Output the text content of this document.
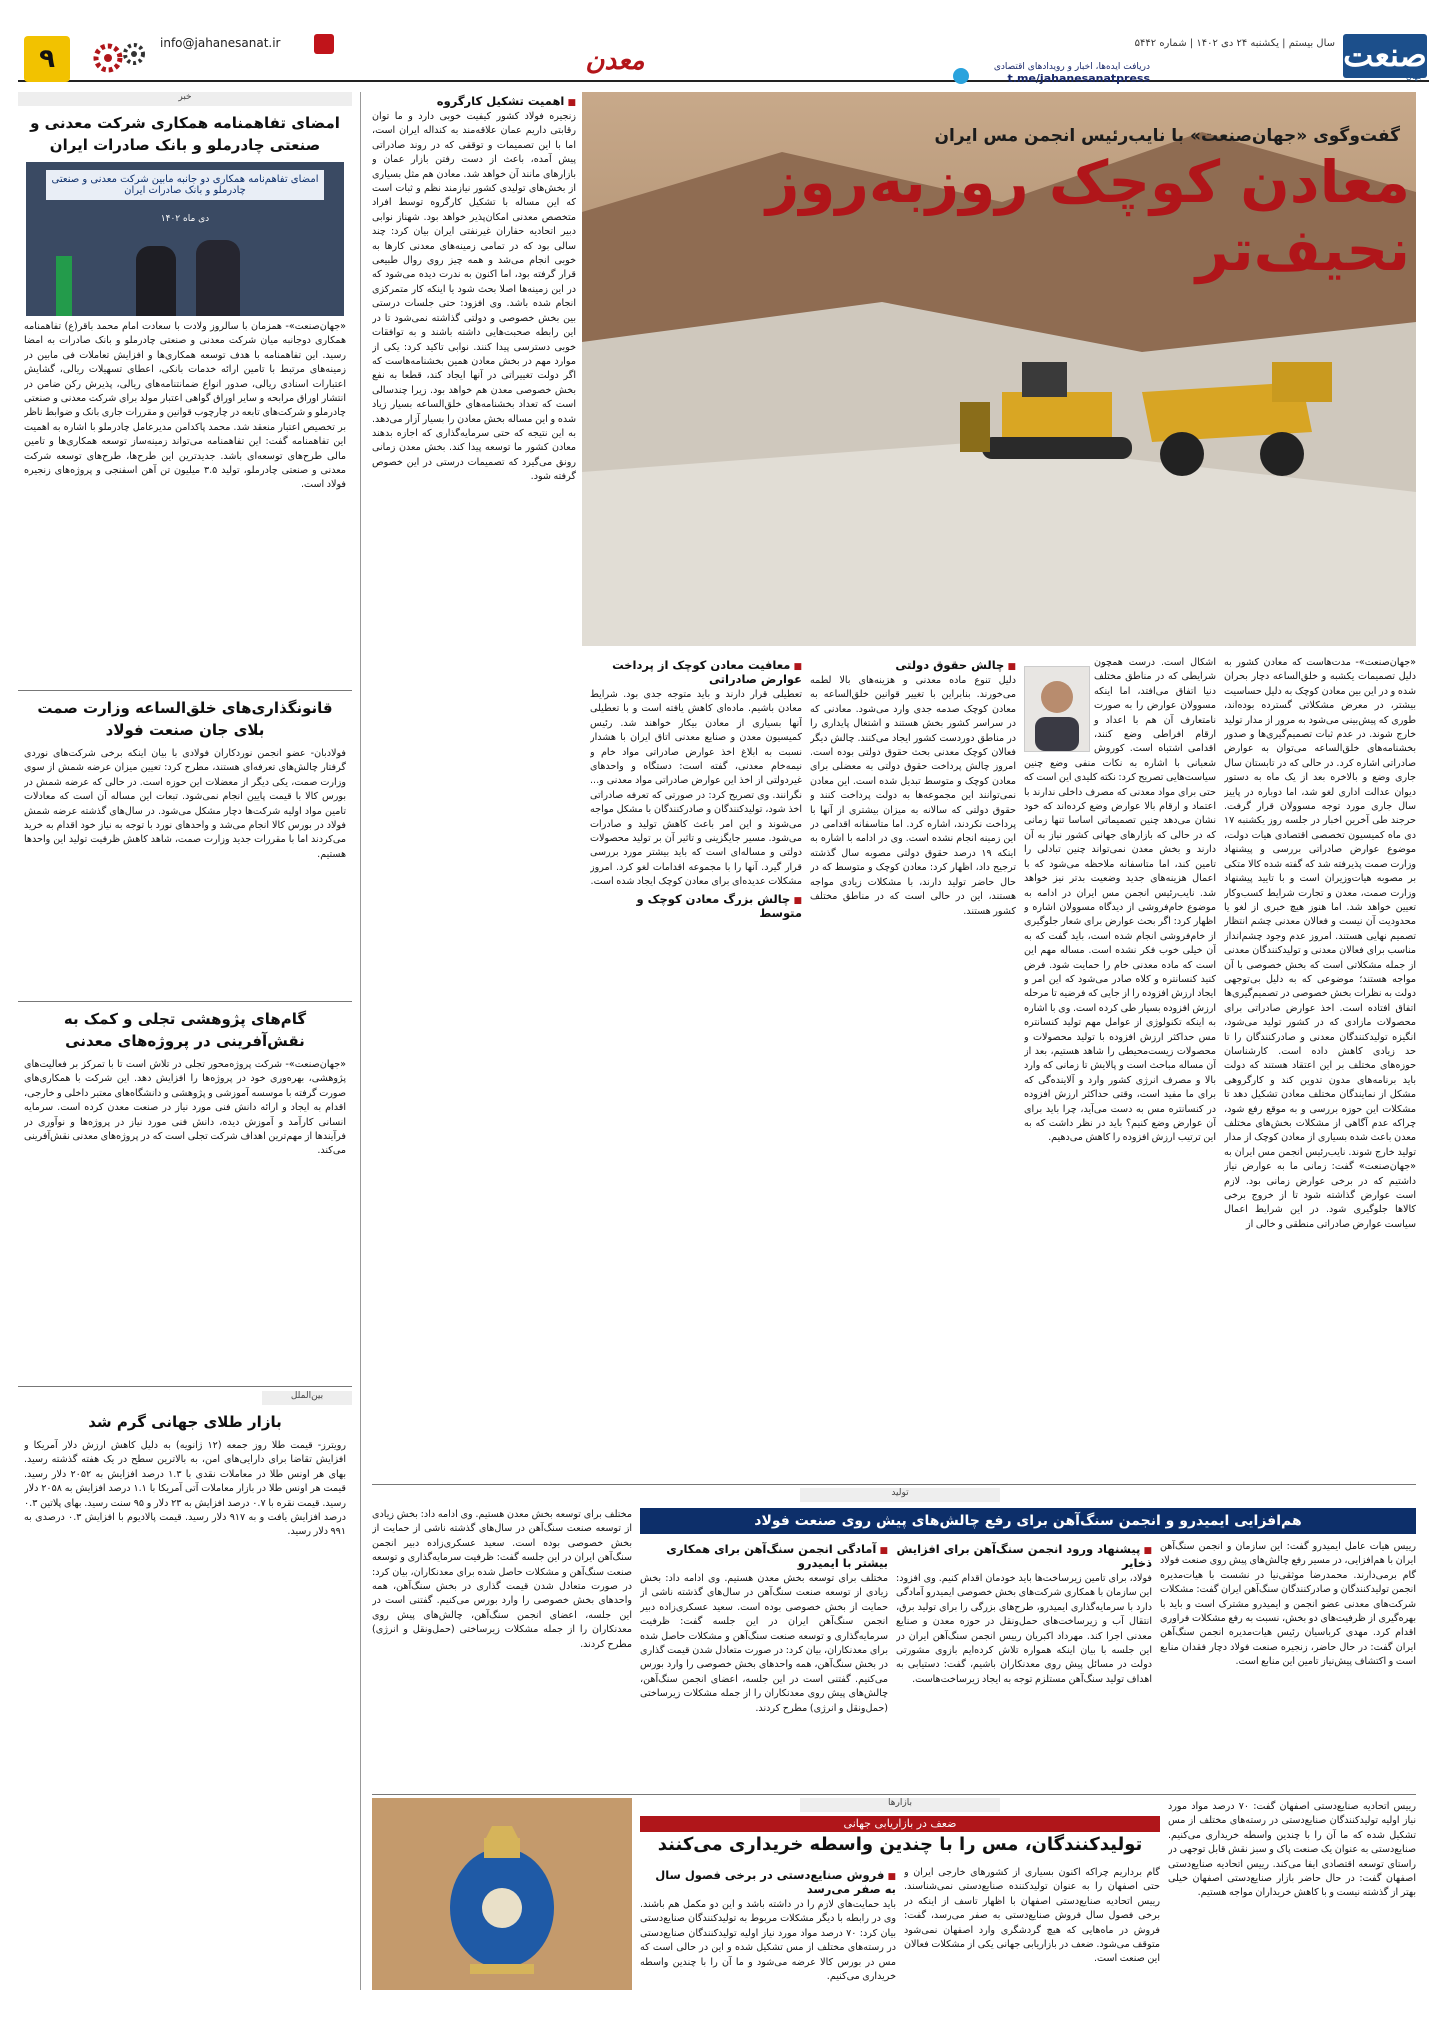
صنعت
جهان
سال بیستم | یکشنبه ۲۴ دی ۱۴۰۲ | شماره ۵۴۴۲
دریافت ایده‌ها، اخبار و رویدادهای اقتصادی
t.me/jahanesanatpress
معدن
info@jahanesanat.ir
۹
گفت‌وگوی «جهان‌صنعت» با نایب‌رئیس انجمن مس ایران
معادن کوچک روز‌به‌روز نحیف‌تر

«جهان‌صنعت»- مدت‌هاست که معادن کشور به دلیل تصمیمات یکشبه و خلق‌الساعه دچار بحران شده و در این بین معادن کوچک به دلیل حساسیت بیشتر، در معرض مشکلاتی گسترده بوده‌اند، طوری که پیش‌بینی می‌شود به مرور از مدار تولید خارج شوند. در عدم ثبات تصمیم‌گیری‌ها و صدور بخشنامه‌های خلق‌الساعه می‌توان به عوارض صادراتی اشاره کرد. در حالی که در تابستان سال جاری وضع و بالاخره بعد از یک ماه به دستور دیوان عدالت اداری لغو شد، اما دوباره در پاییز سال جاری مورد توجه مسوولان قرار گرفت. حرجند طی آخرین اخبار در جلسه روز یکشنبه ۱۷ دی ماه کمیسیون تخصصی اقتصادی هیات دولت، موضوع عوارض صادراتی بررسی و پیشنهاد وزارت صمت پذیرفته شد که گفته شده کالا متکی بر مصوبه هیات‌وزیران است و با تایید پیشنهاد وزارت صمت، معدن و تجارت شرایط کسب‌وکار تعیین خواهد شد. اما هنوز هیچ خبری از لغو یا محدودیت آن نیست و فعالان معدنی چشم انتظار تصمیم نهایی هستند. امروز عدم وجود چشم‌انداز مناسب برای فعالان معدنی و تولیدکنندگان معدنی از جمله مشکلاتی است که بخش خصوصی با آن مواجه هستند؛ موضوعی که به دلیل بی‌توجهی دولت به نظرات بخش خصوصی در تصمیم‌گیری‌ها اتفاق افتاده است. اخذ عوارض صادراتی برای محصولات مازادی که در کشور تولید می‌شود، انگیزه تولیدکنندگان معدنی و صادرکنندگان را تا حد زیادی کاهش داده است. کارشناسان حوزه‌های مختلف بر این اعتقاد هستند که دولت باید برنامه‌های مدون تدوین کند و کارگروهی مشکل از نمایندگان مختلف معادن تشکیل دهد تا مشکلات این حوزه بررسی و به موقع رفع شود، چراکه عدم آگاهی از مشکلات بخش‌های مختلف معدن باعث شده بسیاری از معادن کوچک از مدار تولید خارج شوند. نایب‌رئیس انجمن مس ایران به «جهان‌صنعت» گفت: زمانی ما به عوارض نیاز داشتیم که در برخی عوارض زمانی بود. لازم است عوارض گذاشته شود تا از خروج برخی کالاها جلوگیری شود. در این شرایط اعمال سیاست عوارض صادراتی منطقی و خالی از

اشکال است. درست همچون شرایطی که در مناطق مختلف دنیا اتفاق می‌افتد، اما اینکه مسوولان عوارض را به صورت نامتعارف آن هم با اعداد و ارقام افراطی وضع کنند، اقدامی اشتباه است. کوروش شعبانی با اشاره به نکات منفی وضع چنین سیاست‌هایی تصریح کرد: نکته کلیدی این است که حتی برای مواد معدنی که مصرف داخلی ندارند با اعتماد و ارقام بالا عوارض وضع کرده‌اند که خود نشان می‌دهد چنین تصمیماتی اساسا تنها زمانی که در حالی که بازارهای جهانی کشور نیاز به آن دارند و بخش معدن نمی‌تواند چنین تبادلی را تامین کند، اما متاسفانه ملاحظه می‌شود که با اعمال هزینه‌های جدید وضعیت بدتر نیز خواهد شد. نایب‌رئیس انجمن مس ایران در ادامه به موضوع خام‌فروشی از دیدگاه مسوولان اشاره و اظهار کرد: اگر بحث عوارض برای شعار جلوگیری از خام‌فروشی انجام شده است، باید گفت که به آن خیلی خوب فکر نشده است. مساله مهم این است که ماده معدنی خام را حمایت شود. فرض کنید کنسانتره و کلاه صادر می‌شود که این امر و ایجاد ارزش افزوده را از جایی که فرضیه تا مرحله ارزش افزوده بسیار طی کرده است. وی با اشاره به اینکه تکنولوژی از عوامل مهم تولید کنسانتره مس حداکثر ارزش افزوده با تولید محصولات و محصولات زیست‌محیطی را شاهد هستیم، بعد از آن مساله مباحث است و پالایش تا زمانی که وارد بالا و مصرف انرژی کشور وارد و آلاینده‌گی که برای ما مفید است، وقتی حداکثر ارزش افزوده در کنسانتره مس به دست می‌آید، چرا باید برای آن عوارض وضع کنیم؟ باید در نظر داشت که به این ترتیب ارزش افزوده را کاهش می‌دهیم.

■ چالش حقوق دولتی

دلیل تنوع ماده معدنی و هزینه‌های بالا لطمه می‌خورند. بنابراین با تغییر قوانین خلق‌الساعه به معادن کوچک صدمه جدی وارد می‌شود. معادنی که در سراسر کشور بخش هستند و اشتغال پایداری را در مناطق دوردست کشور ایجاد می‌کنند. چالش دیگر فعالان کوچک معدنی بحث حقوق دولتی بوده است. امروز چالش پرداخت حقوق دولتی به معضلی برای معادن کوچک و متوسط تبدیل شده است. این معادن نمی‌توانند این مجموعه‌ها به دولت پرداخت کنند و حقوق دولتی که سالانه به میزان بیشتری از آنها با پرداخت نکردند، اشاره کرد. اما متاسفانه اقدامی در این زمینه انجام نشده است. وی در ادامه با اشاره به اینکه ۱۹ درصد حقوق دولتی مصوبه سال گذشته ترجیح داد، اظهار کرد: معادن کوچک و متوسط که در حال حاضر تولید دارند، با مشکلات زیادی مواجه هستند، این در حالی است که در مناطق مختلف کشور هستند.

■ معافیت معادن کوچک از پرداخت عوارض صادراتی

تعطیلی قرار دارند و باید متوجه جدی بود. شرایط معادن باشیم. ماده‌ای کاهش یافته است و با تعطیلی آنها بسیاری از معادن بیکار خواهند شد. رئیس کمیسیون معدن و صنایع معدنی اتاق ایران با هشدار نسبت به ابلاغ اخذ عوارض صادراتی مواد خام و نیمه‌خام معدنی، گفته است: دستگاه و واحدهای غیردولتی از اخذ این عوارض صادراتی مواد معدنی و... نگرانند. وی تصریح کرد: در صورتی که تعرفه صادراتی اخذ شود، تولیدکنندگان و صادرکنندگان با مشکل مواجه می‌شوند و این امر باعث کاهش تولید و صادرات می‌شود. مسیر جایگزینی و تاثیر آن بر تولید محصولات دولتی و مساله‌ای است که باید بیشتر مورد بررسی قرار گیرد. آنها را با مجموعه اقدامات لغو کرد. امروز مشکلات عدیده‌ای برای معادن کوچک ایجاد شده است.

■ چالش بزرگ معادن کوچک و متوسط
■ اهمیت تشکیل کارگروه

زنجیره فولاد کشور کیفیت خوبی دارد و ما توان رقابتی داریم عمان علاقه‌مند به کنداله ایران است، اما با این تصمیمات و توقفی که در روند صادراتی پیش آمده، باعث از دست رفتن بازار عمان و بازارهای مانند آن خواهد شد. معادن هم مثل بسیاری از بخش‌های تولیدی کشور نیازمند نظم و ثبات است که این مساله با تشکیل کارگروه توسط افراد متخصص معدنی امکان‌پذیر خواهد بود. شهناز نوابی دبیر اتحادیه حفاران غیرنفتی ایران بیان کرد: چند سالی بود که در تمامی زمینه‌های معدنی کارها به خوبی انجام می‌شد و همه چیز روی روال طبیعی قرار گرفته بود، اما اکنون به ندرت دیده می‌شود که در این زمینه‌ها اصلا بحث شود یا اینکه کار متمرکزی انجام شده باشد. وی افزود: حتی جلسات درستی بین بخش خصوصی و دولتی گذاشته نمی‌شود تا در این رابطه صحبت‌هایی داشته باشند و به توافقات خوبی دسترسی پیدا کنند. نوابی تاکید کرد: یکی از موارد مهم در بخش معادن همین بخشنامه‌هاست که اگر دولت تغییراتی در آنها ایجاد کند، قطعا به نفع بخش خصوصی معدن هم خواهد بود. زیرا چندسالی است که تعداد بخشنامه‌های خلق‌الساعه بسیار زیاد شده و این مساله بخش معادن را بسیار آزار می‌دهد. به این نتیجه که حتی سرمایه‌گذاری که اجازه بدهند معادن کشور ما توسعه پیدا کند. بخش معدن زمانی رونق می‌گیرد که تصمیمات درستی در این خصوص گرفته شود.

تولید
هم‌افزایی ایمیدرو و انجمن سنگ‌آهن برای رفع چالش‌های پیش روی صنعت فولاد

رییس هیات عامل ایمیدرو گفت: این سازمان و انجمن سنگ‌آهن ایران با هم‌افزایی، در مسیر رفع چالش‌های پیش روی صنعت فولاد گام برمی‌دارند. محمدرضا موثقی‌نیا در نشست با هیات‌مدیره انجمن تولیدکنندگان و صادرکنندگان سنگ‌آهن ایران گفت: مشکلات شرکت‌های معدنی عضو انجمن و ایمیدرو مشترک است و باید با بهره‌گیری از ظرفیت‌های دو بخش، نسبت به رفع مشکلات فراوری اقدام کرد. مهدی کرباسیان رئیس هیات‌مدیره انجمن سنگ‌آهن ایران گفت: در حال حاضر، زنجیره صنعت فولاد دچار فقدان منابع است و اکتشاف پیش‌نیاز تامین این منابع است.

■ پیشنهاد ورود انجمن سنگ‌آهن برای افزایش ذخایر

فولاد، برای تامین زیرساخت‌ها باید خودمان اقدام کنیم. وی افزود: این سازمان با همکاری شرکت‌های بخش خصوصی ایمیدرو آمادگی دارد با سرمایه‌گذاری ایمیدرو، طرح‌های بزرگی را برای تولید برق، انتقال آب و زیرساخت‌های حمل‌ونقل در حوزه معدن و صنایع معدنی اجرا کند. مهرداد اکبریان رییس انجمن سنگ‌آهن ایران در این جلسه با بیان اینکه همواره تلاش کرده‌ایم بازوی مشورتی دولت در مسائل پیش روی معدنکاران باشیم، گفت: دستیابی به اهداف تولید سنگ‌آهن مستلزم توجه به ایجاد زیرساخت‌هاست.

■ آمادگی انجمن سنگ‌آهن برای همکاری بیشتر با ایمیدرو

مختلف برای توسعه بخش معدن هستیم. وی ادامه داد: بخش زیادی از توسعه صنعت سنگ‌آهن در سال‌های گذشته ناشی از حمایت از بخش خصوصی بوده است. سعید عسکری‌زاده دبیر انجمن سنگ‌آهن ایران در این جلسه گفت: ظرفیت سرمایه‌گذاری و توسعه صنعت سنگ‌آهن و مشکلات حاصل شده برای معدنکاران، بیان کرد: در صورت متعادل شدن قیمت گذاری در بخش سنگ‌آهن، همه واحدهای بخش خصوصی را وارد بورس می‌کنیم. گفتنی است در این جلسه، اعضای انجمن سنگ‌آهن، چالش‌های پیش روی معدنکاران را از جمله مشکلات زیرساختی (حمل‌ونقل و انرژی) مطرح کردند.

مختلف برای توسعه بخش معدن هستیم. وی ادامه داد: بخش زیادی از توسعه صنعت سنگ‌آهن در سال‌های گذشته ناشی از حمایت از بخش خصوصی بوده است. سعید عسکری‌زاده دبیر انجمن سنگ‌آهن ایران در این جلسه گفت: ظرفیت سرمایه‌گذاری و توسعه صنعت سنگ‌آهن و مشکلات حاصل شده برای معدنکاران، بیان کرد: در صورت متعادل شدن قیمت گذاری در بخش سنگ‌آهن، همه واحدهای بخش خصوصی را وارد بورس می‌کنیم. گفتنی است در این جلسه، اعضای انجمن سنگ‌آهن، چالش‌های پیش روی معدنکاران را از جمله مشکلات زیرساختی (حمل‌ونقل و انرژی) مطرح کردند.

بازارها
ضعف در بازاریابی جهانی
تولیدکنندگان، مس را با چندین واسطه خریداری می‌کنند

رییس اتحادیه صنایع‌دستی اصفهان گفت: ۷۰ درصد مواد مورد نیاز اولیه تولید‌کنندگان صنایع‌دستی در رسته‌های مختلف از مس تشکیل شده که ما آن را با چندین واسطه خریداری می‌کنیم. صنایع‌دستی به عنوان یک صنعت پاک و سبز نقش قابل توجهی در راستای توسعه اقتصادی ایفا می‌کند. رییس اتحادیه صنایع‌دستی اصفهان گفت: در حال حاضر بازار صنایع‌دستی اصفهان خیلی بهتر از گذشته نیست و با کاهش خریداران مواجه هستیم.

گام برداریم چراکه اکنون بسیاری از کشورهای خارجی ایران و حتی اصفهان را به عنوان تولیدکننده صنایع‌دستی نمی‌شناسند. رییس اتحادیه صنایع‌دستی اصفهان با اظهار تاسف از اینکه در برخی فصول سال فروش صنایع‌دستی به صفر می‌رسد، گفت: فروش در ماه‌هایی که هیچ گردشگری وارد اصفهان نمی‌شود متوقف می‌شود. ضعف در بازاریابی جهانی یکی از مشکلات فعالان این صنعت است.

■ فروش صنایع‌دستی در برخی فصول سال به صفر می‌رسد

باید حمایت‌های لازم را در داشته باشد و این دو مکمل هم باشند. وی در رابطه با دیگر مشکلات مربوط به تولیدکنندگان صنایع‌دستی بیان کرد: ۷۰ درصد مواد مورد نیاز اولیه تولیدکنندگان صنایع‌دستی در رسته‌های مختلف از مس تشکیل شده و این در حالی است که مس در بورس کالا عرضه می‌شود و ما آن را با چندین واسطه خریداری می‌کنیم.

خبر
امضای تفاهمنامه همکاری شرکت معدنی و صنعتی چادرملو و بانک صادرات ایران
امضای تفاهم‌نامه همکاری دو جانبه مابین شرکت معدنی و صنعتی چادرملو و بانک صادرات ایران
دی ماه ۱۴۰۲

«جهان‌صنعت»- همزمان با سالروز ولادت با سعادت امام محمد باقر(ع) تفاهمنامه همکاری دوجانبه میان شرکت معدنی و صنعتی چادرملو و بانک صادرات به امضا رسید. این تفاهمنامه با هدف توسعه همکاری‌ها و افزایش تعاملات فی مابین در زمینه‌های مرتبط با تامین ارائه خدمات بانکی، اعطای تسهیلات ریالی، گشایش اعتبارات اسنادی ریالی، صدور انواع ضمانتنامه‌های ریالی، پذیرش رکن ضامن در انتشار اوراق مرابحه و سایر اوراق گواهی اعتبار مولد برای شرکت معدنی و صنعتی چادرملو و شرکت‌های تابعه در چارچوب قوانین و مقررات جاری بانک و ضوابط ناظر بر تخصیص اعتبار منعقد شد. محمد پاکدامن مدیرعامل چادرملو با اشاره به اهمیت این تفاهمنامه گفت: این تفاهمنامه می‌تواند زمینه‌ساز توسعه همکاری‌ها و تامین مالی طرح‌های توسعه‌ای باشد. جدیدترین این طرح‌ها، طرح‌های توسعه شرکت معدنی و صنعتی چادرملو، تولید ۳.۵ میلیون تن آهن اسفنجی و پروژه‌های زنجیره فولاد است.

قانونگذاری‌های خلق‌الساعه وزارت صمت بلای جان صنعت فولاد

فولادبان- عضو انجمن نوردکاران فولادی با بیان اینکه برخی شرکت‌های نوردی گرفتار چالش‌های تعرفه‌ای هستند، مطرح کرد: تعیین میزان عرضه شمش از سوی وزارت صمت، یکی دیگر از معضلات این حوزه است. در حالی که عرضه شمش در بورس کالا با قیمت پایین انجام نمی‌شود. تبعات این مساله آن است که معادلات تامین مواد اولیه شرکت‌ها دچار مشکل می‌شود. در سال‌های گذشته عرضه شمش فولاد در بورس کالا انجام می‌شد و واحدهای نورد با توجه به نیاز خود اقدام به خرید می‌کردند اما با مقررات جدید وزارت صمت، شاهد کاهش ظرفیت تولید این واحدها هستیم.

گام‌های پژوهشی تجلی و کمک به نقش‌آفرینی در پروژه‌های معدنی

«جهان‌صنعت»- شرکت پروژه‌محور تجلی در تلاش است تا با تمرکز بر فعالیت‌های پژوهشی، بهره‌وری خود در پروژه‌ها را افزایش دهد. این شرکت با همکاری‌های صورت گرفته با موسسه آموزشی و پژوهشی و دانشگاه‌های معتبر داخلی و خارجی، اقدام به ایجاد و ارائه دانش فنی مورد نیاز در صنعت معدن کرده است. سرمایه انسانی کارآمد و آموزش دیده، دانش فنی مورد نیاز در پروژه‌ها و نوآوری در فرآیندها از مهم‌ترین اهداف شرکت تجلی است که در پروژه‌های معدنی نقش‌آفرینی می‌کند.

بین‌الملل
بازار طلای جهانی گرم شد

رویترز- قیمت طلا روز جمعه (۱۲ ژانویه) به دلیل کاهش ارزش دلار آمریکا و افزایش تقاضا برای دارایی‌های امن، به بالاترین سطح در یک هفته گذشته رسید. بهای هر اونس طلا در معاملات نقدی با ۱.۳ درصد افزایش به ۲۰۵۲ دلار رسید. قیمت هر اونس طلا در بازار معاملات آتی آمریکا با ۱.۱ درصد افزایش به ۲۰۵۸ دلار رسید. قیمت نقره با ۰.۷ درصد افزایش به ۲۳ دلار و ۹۵ سنت رسید. بهای پلاتین ۰.۳ درصد افزایش یافت و به ۹۱۷ دلار رسید. قیمت پالادیوم با افزایش ۰.۳ درصدی به ۹۹۱ دلار رسید.
